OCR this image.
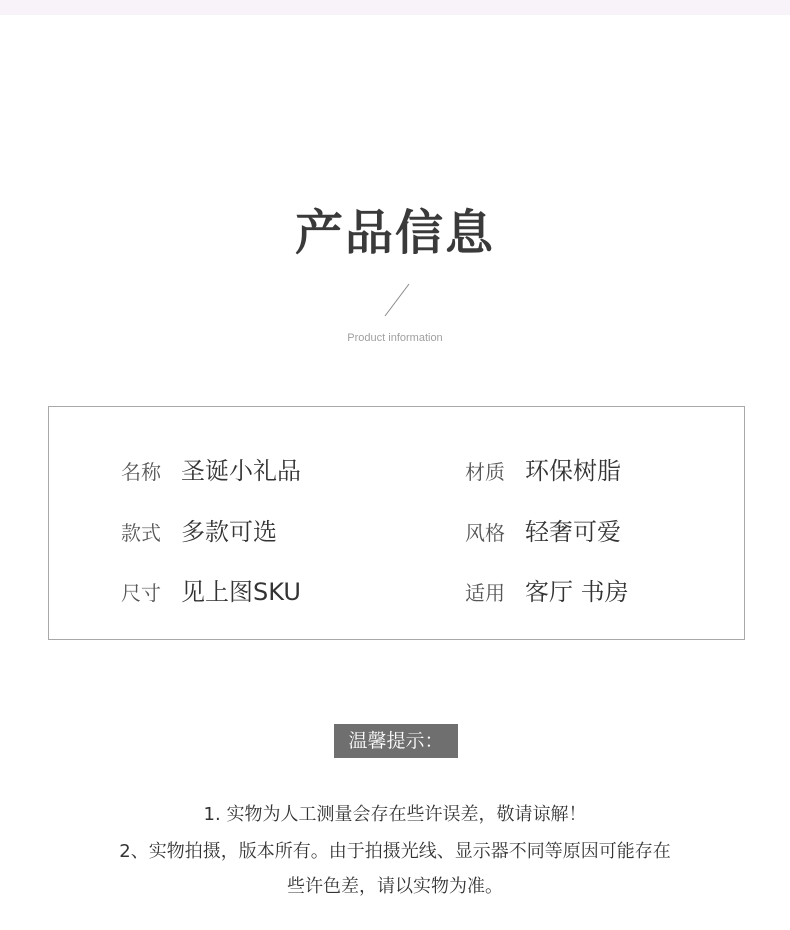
产品信息
Product information
名称 圣诞小礼品	材质 环保树脂
款式 多款可选	风格 轻奢可爱
尺寸 见上图SKU	适用 客厅 书房
温馨提示：
1. 实物为人工测量会存在些许误差，敬请谅解！
2、实物拍摄，版本所有。由于拍摄光线、显示器不同等原因可能存在
些许色差，请以实物为准。
